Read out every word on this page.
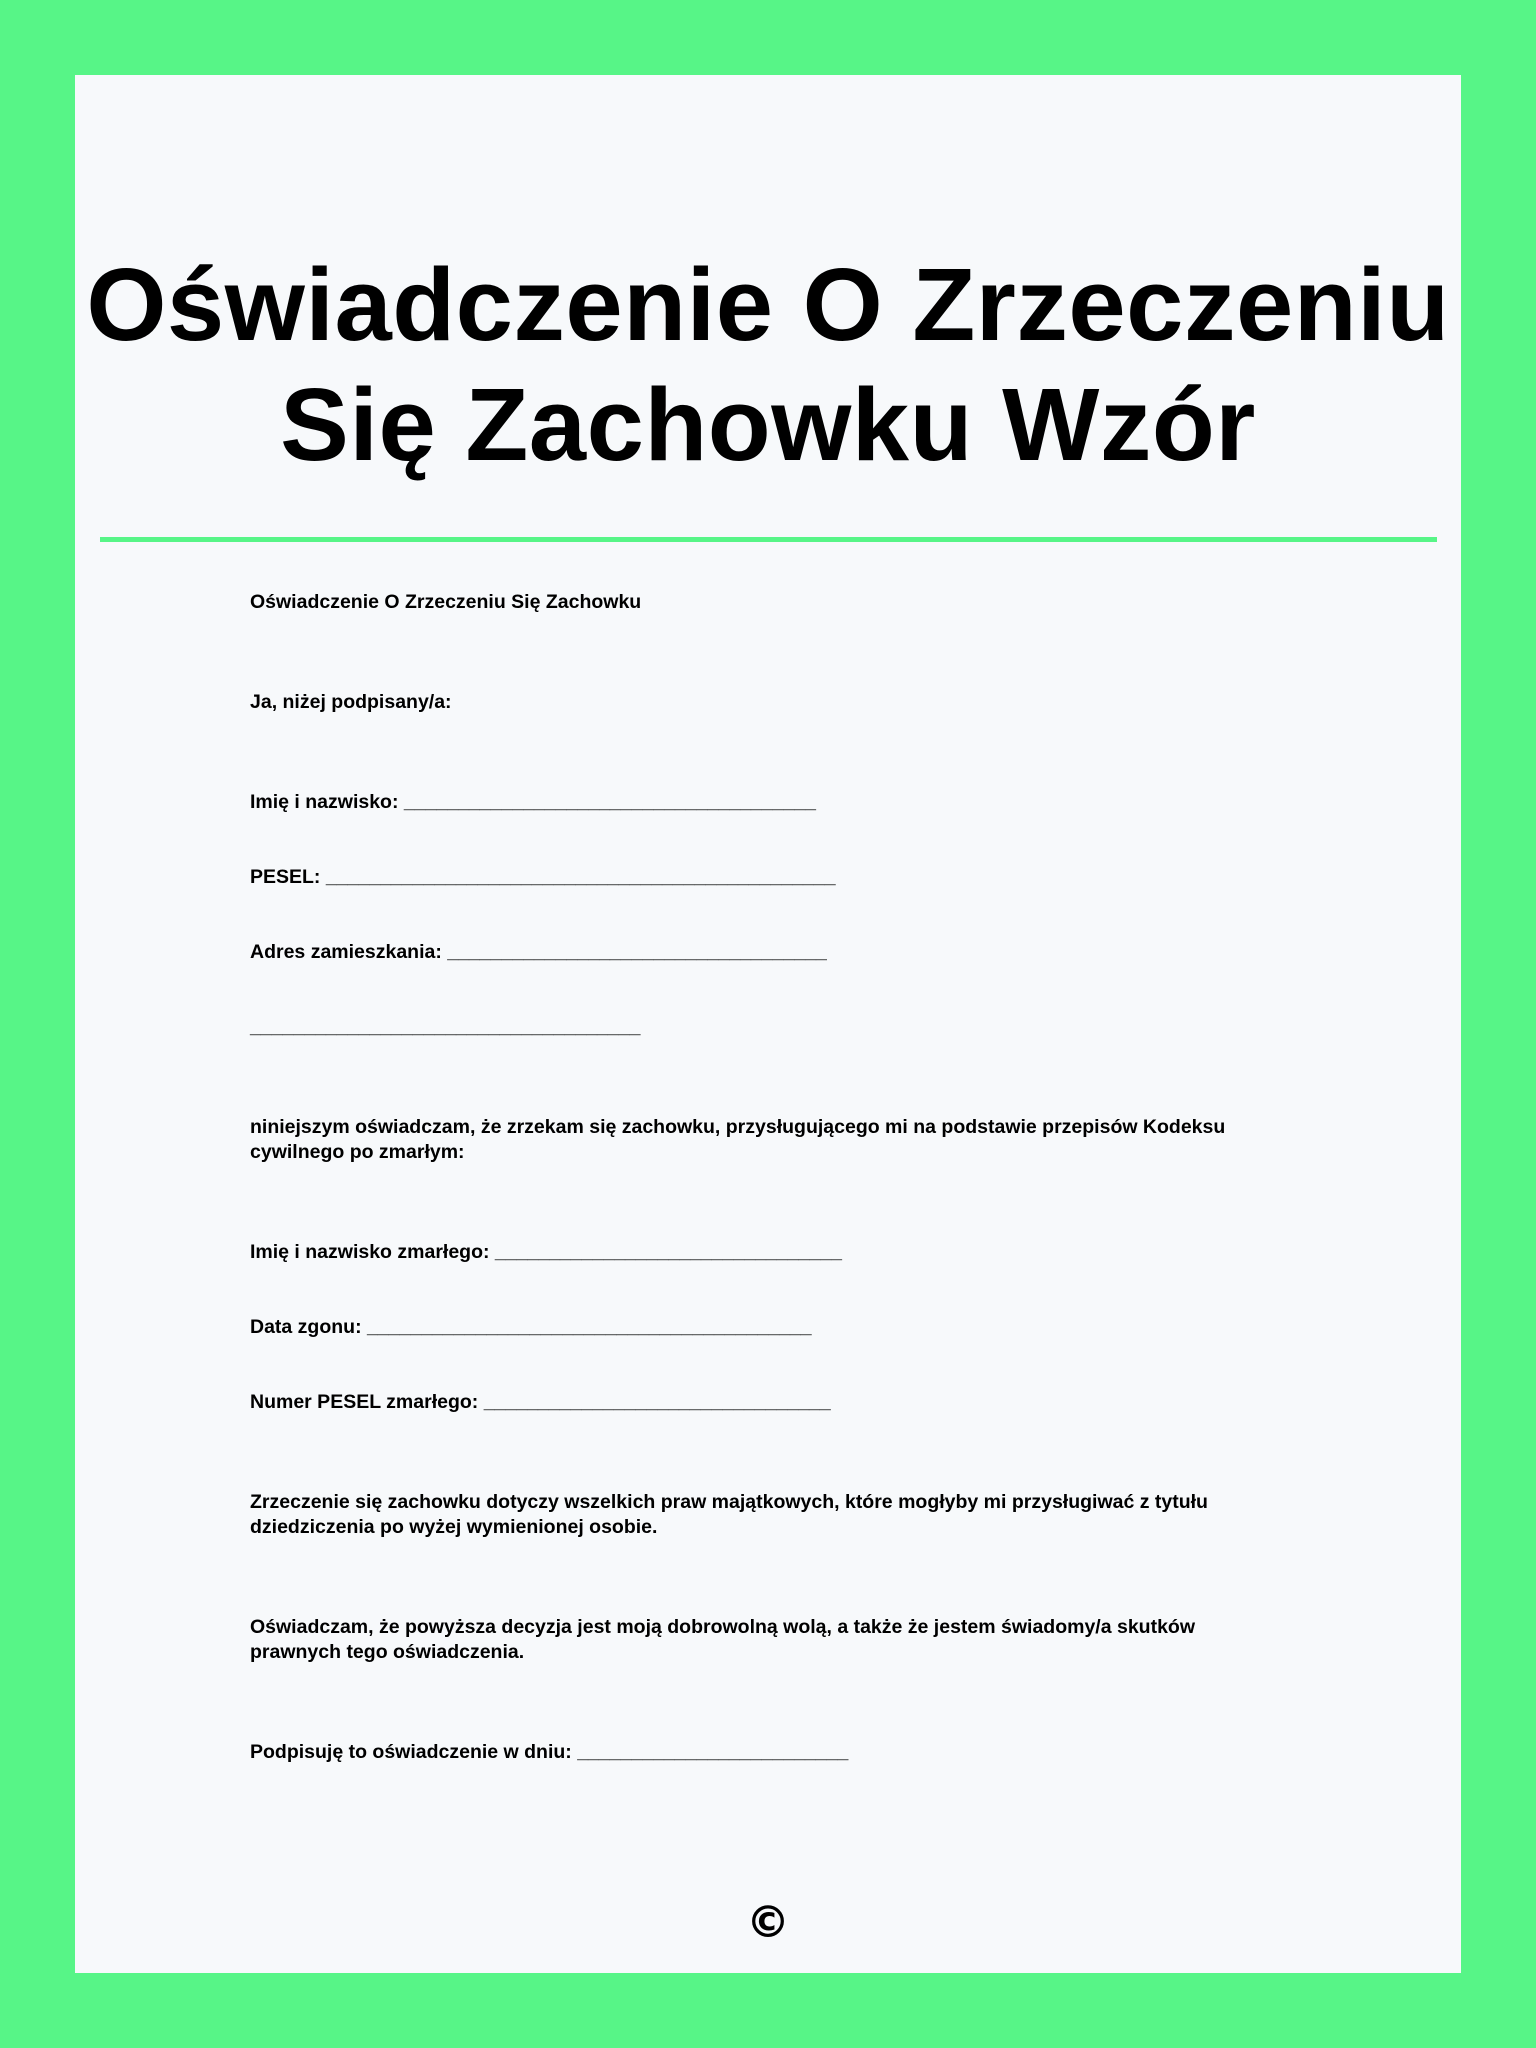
Oświadczenie O Zrzeczeniu Się Zachowku Wzór

Oświadczenie O Zrzeczeniu Się Zachowku

Ja, niżej podpisany/a:

Imię i nazwisko: ______________________________________

PESEL: _______________________________________________

Adres zamieszkania: ___________________________________

____________________________________

niniejszym oświadczam, że zrzekam się zachowku, przysługującego mi na podstawie przepisów Kodeksu cywilnego po zmarłym:

Imię i nazwisko zmarłego: ________________________________

Data zgonu: _________________________________________

Numer PESEL zmarłego: ________________________________

Zrzeczenie się zachowku dotyczy wszelkich praw majątkowych, które mogłyby mi przysługiwać z tytułu dziedziczenia po wyżej wymienionej osobie.

Oświadczam, że powyższa decyzja jest moją dobrowolną wolą, a także że jestem świadomy/a skutków prawnych tego oświadczenia.

Podpisuję to oświadczenie w dniu: _________________________

©
